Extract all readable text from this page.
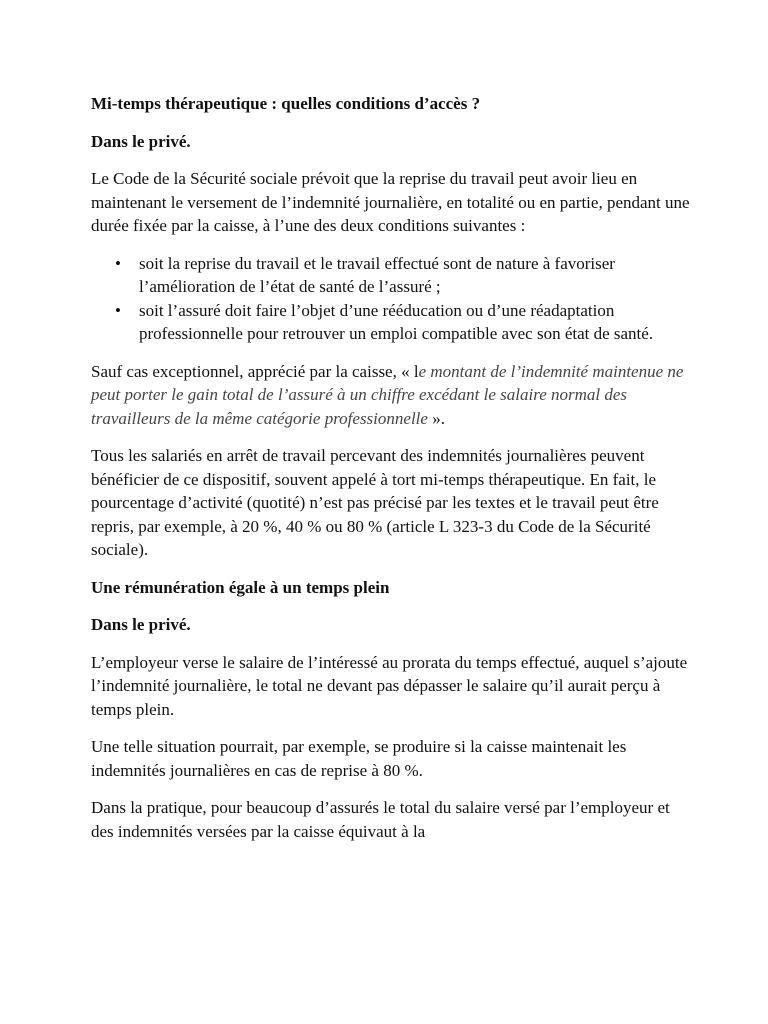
Mi-temps thérapeutique : quelles conditions d’accès ?

Dans le privé.

Le Code de la Sécurité sociale prévoit que la reprise du travail peut avoir lieu en maintenant le versement de l’indemnité journalière, en totalité ou en partie, pendant une durée fixée par la caisse, à l’une des deux conditions suivantes :

• soit la reprise du travail et le travail effectué sont de nature à favoriser l’amélioration de l’état de santé de l’assuré ;
• soit l’assuré doit faire l’objet d’une rééducation ou d’une réadaptation professionnelle pour retrouver un emploi compatible avec son état de santé.

Sauf cas exceptionnel, apprécié par la caisse, « le montant de l’indemnité maintenue ne peut porter le gain total de l’assuré à un chiffre excédant le salaire normal des travailleurs de la même catégorie professionnelle ».

Tous les salariés en arrêt de travail percevant des indemnités journalières peuvent bénéficier de ce dispositif, souvent appelé à tort mi-temps thérapeutique. En fait, le pourcentage d’activité (quotité) n’est pas précisé par les textes et le travail peut être repris, par exemple, à 20 %, 40 % ou 80 % (article L 323-3 du Code de la Sécurité sociale).

Une rémunération égale à un temps plein

Dans le privé.

L’employeur verse le salaire de l’intéressé au prorata du temps effectué, auquel s’ajoute l’indemnité journalière, le total ne devant pas dépasser le salaire qu’il aurait perçu à temps plein.

Une telle situation pourrait, par exemple, se produire si la caisse maintenait les indemnités journalières en cas de reprise à 80 %.

Dans la pratique, pour beaucoup d’assurés le total du salaire versé par l’employeur et des indemnités versées par la caisse équivaut à la
